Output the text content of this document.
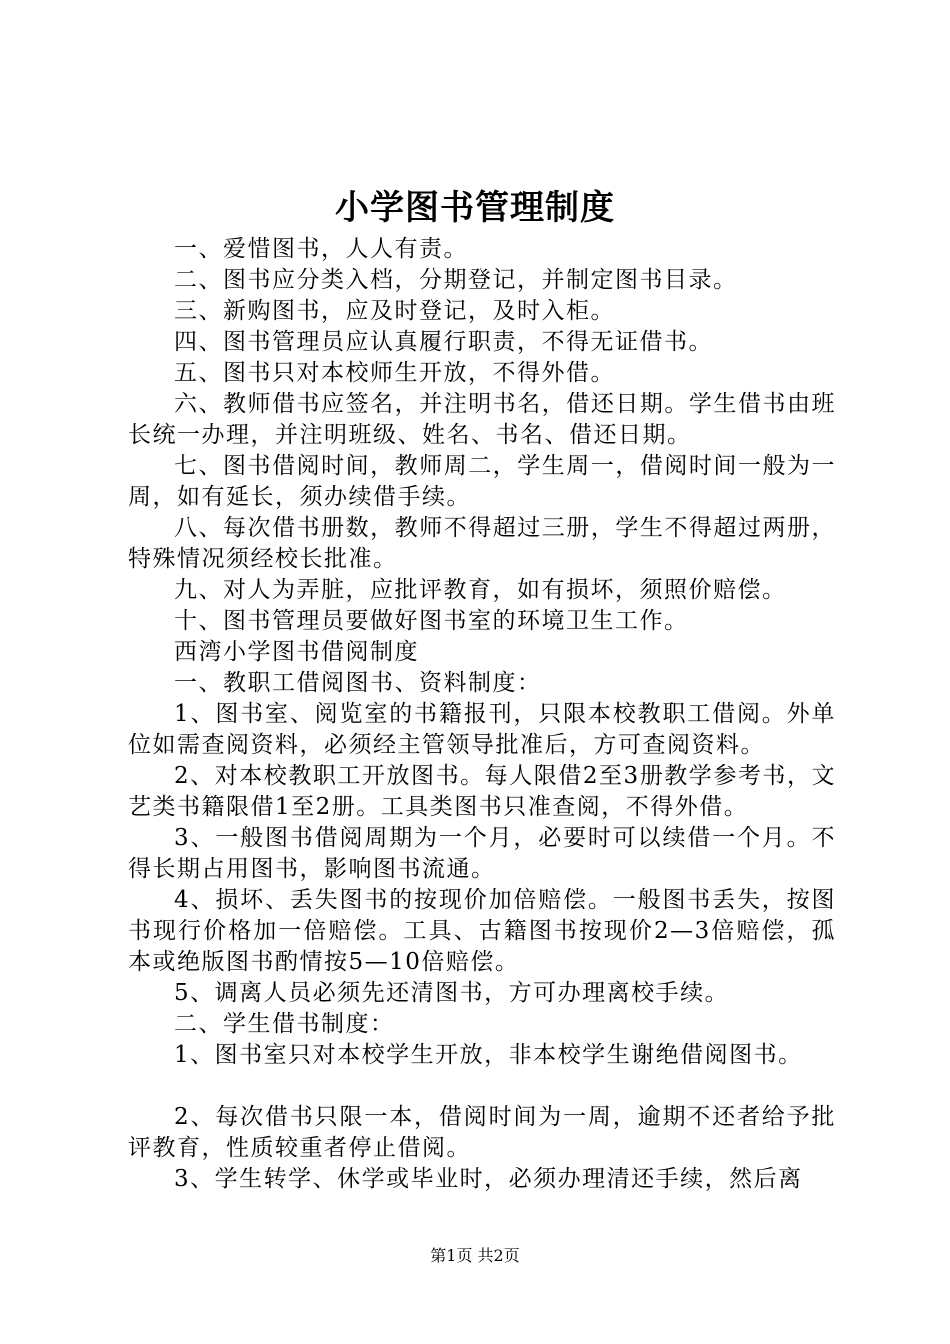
小学图书管理制度

一、爱惜图书，人人有责。

二、图书应分类入档，分期登记，并制定图书目录。

三、新购图书，应及时登记，及时入柜。

四、图书管理员应认真履行职责，不得无证借书。

五、图书只对本校师生开放，不得外借。

六、教师借书应签名，并注明书名，借还日期。学生借书由班长统一办理，并注明班级、姓名、书名、借还日期。

七、图书借阅时间，教师周二，学生周一，借阅时间一般为一周，如有延长，须办续借手续。

八、每次借书册数，教师不得超过三册，学生不得超过两册，特殊情况须经校长批准。

九、对人为弄脏，应批评教育，如有损坏，须照价赔偿。

十、图书管理员要做好图书室的环境卫生工作。

西湾小学图书借阅制度

一、教职工借阅图书、资料制度：

1、图书室、阅览室的书籍报刊，只限本校教职工借阅。外单位如需查阅资料，必须经主管领导批准后，方可查阅资料。

2、对本校教职工开放图书。每人限借2至3册教学参考书，文艺类书籍限借1至2册。工具类图书只准查阅，不得外借。

3、一般图书借阅周期为一个月，必要时可以续借一个月。不得长期占用图书，影响图书流通。

4、损坏、丢失图书的按现价加倍赔偿。一般图书丢失，按图书现行价格加一倍赔偿。工具、古籍图书按现价2—3倍赔偿，孤本或绝版图书酌情按5—10倍赔偿。

5、调离人员必须先还清图书，方可办理离校手续。

二、学生借书制度：

1、图书室只对本校学生开放，非本校学生谢绝借阅图书。

2、每次借书只限一本，借阅时间为一周，逾期不还者给予批评教育，性质较重者停止借阅。

3、学生转学、休学或毕业时，必须办理清还手续，然后离

第1页 共2页
